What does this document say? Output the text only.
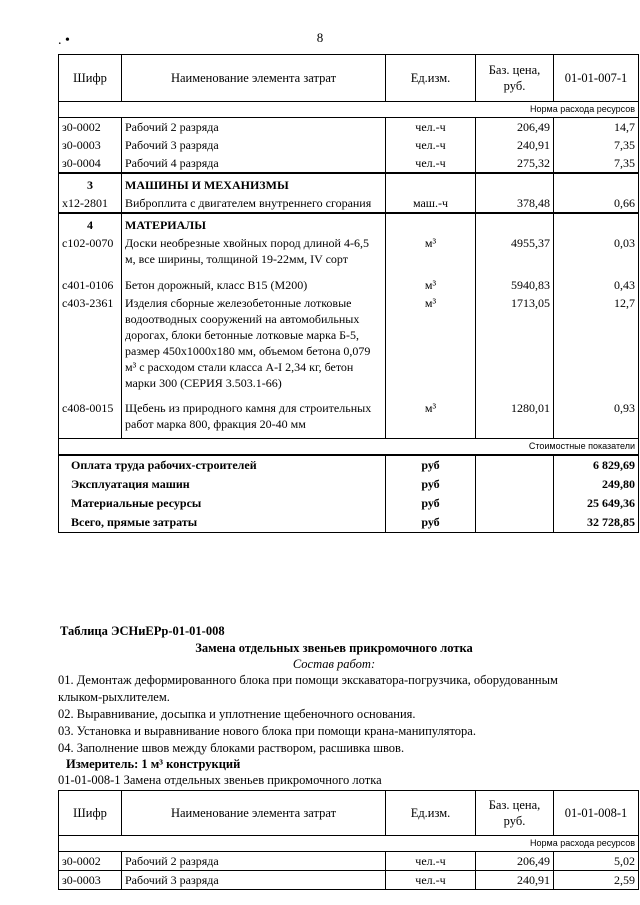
. •	8
Шифр	Наименование элемента затрат	Ед.изм.	Баз. цена, руб.	01-01-007-1
Норма расхода ресурсов				
з0-0002	Рабочий 2 разряда	чел.-ч	206,49	14,7
з0-0003	Рабочий 3 разряда	чел.-ч	240,91	7,35
з0-0004	Рабочий 4 разряда	чел.-ч	275,32	7,35
3	МАШИНЫ И МЕХАНИЗМЫ			
х12-2801	Виброплита с двигателем внутреннего сгорания	маш.-ч	378,48	0,66
4	МАТЕРИАЛЫ			
с102-0070	Доски необрезные хвойных пород длиной 4-6,5 м, все ширины, толщиной 19-22мм, IV сорт	м³	4955,37	0,03
с401-0106	Бетон дорожный, класс B15 (М200)	м³	5940,83	0,43
с403-2361	Изделия сборные железобетонные лотковые водоотводных сооружений на автомобильных дорогах, блоки бетонные лотковые марка Б-5, размер 450х1000х180 мм, объемом бетона 0,079 м³ с расходом стали класса А-I 2,34 кг, бетон марки 300 (СЕРИЯ 3.503.1-66)	м³	1713,05	12,7
с408-0015	Щебень из природного камня для строительных работ марка 800, фракция 20-40 мм	м³	1280,01	0,93
Стоимостные показатели				
Оплата труда рабочих-строителей		руб		6 829,69
Эксплуатация машин		руб		249,80
Материальные ресурсы		руб		25 649,36
Всего, прямые затраты		руб		32 728,85
Таблица ЭСНиЕРр-01-01-008
Замена отдельных звеньев прикромочного лотка
Состав работ:
01. Демонтаж деформированного блока при помощи экскаватора-погрузчика, оборудованным клыком-рыхлителем.
02. Выравнивание, досыпка и уплотнение щебеночного основания.
03. Установка и выравнивание нового блока при помощи крана-манипулятора.
04. Заполнение швов между блоками раствором, расшивка швов.
Измеритель: 1 м³ конструкций
01-01-008-1 Замена отдельных звеньев прикромочного лотка
Шифр	Наименование элемента затрат	Ед.изм.	Баз. цена, руб.	01-01-008-1
Норма расхода ресурсов				
з0-0002	Рабочий 2 разряда	чел.-ч	206,49	5,02
з0-0003	Рабочий 3 разряда	чел.-ч	240,91	2,59
